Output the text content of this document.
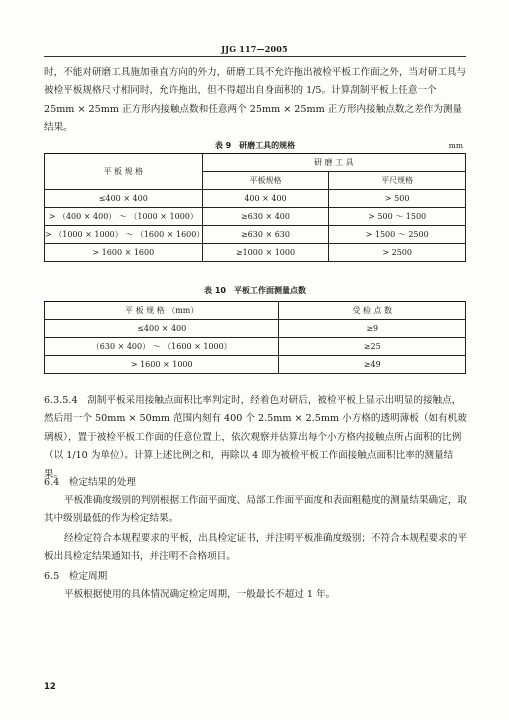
JJG 117—2005

时，不能对研磨工具施加垂直方向的外力，研磨工具不允许拖出被检平板工作面之外，当对研工具与被检平板规格尺寸相同时，允许拖出，但不得超出自身面积的 1/5。计算刮制平板上任意一个 25mm × 25mm 正方形内接触点数和任意两个 25mm × 25mm 正方形内接触点数之差作为测量结果。

表 9　研磨工具的规格	mm
平 板 规 格	研 磨 工 具	
	平板规格	平尺规格
≤400 × 400	400 × 400	> 500
> （400 × 400） ～ （1000 × 1000）	≥630 × 400	> 500 ～ 1500
> （1000 × 1000） ～ （1600 × 1600）	≥630 × 630	> 1500 ～ 2500
> 1600 × 1600	≥1000 × 1000	> 2500
表 10　平板工作面测量点数
平 板 规 格 （mm）	受 检 点 数
≤400 × 400	≥9
（630 × 400） ～ （1600 × 1000）	≥25
> 1600 × 1000	≥49

6.3.5.4　刮制平板采用接触点面积比率判定时，经着色对研后，被检平板上显示出明显的接触点，然后用一个 50mm × 50mm 范围内刻有 400 个 2.5mm × 2.5mm 小方格的透明薄板（如有机玻璃板），置于被检平板工作面的任意位置上，依次观察并估算出每个小方格内接触点所占面积的比例（以 1/10 为单位）。计算上述比例之和，再除以 4 即为被检平板工作面接触点面积比率的测量结果。

6.4　检定结果的处理

平板准确度级别的判别根据工作面平面度、局部工作面平面度和表面粗糙度的测量结果确定，取其中级别最低的作为检定结果。

经检定符合本规程要求的平板，出具检定证书，并注明平板准确度级别；不符合本规程要求的平板出具检定结果通知书，并注明不合格项目。

6.5　检定周期

平板根据使用的具体情况确定检定周期，一般最长不超过 1 年。

12
